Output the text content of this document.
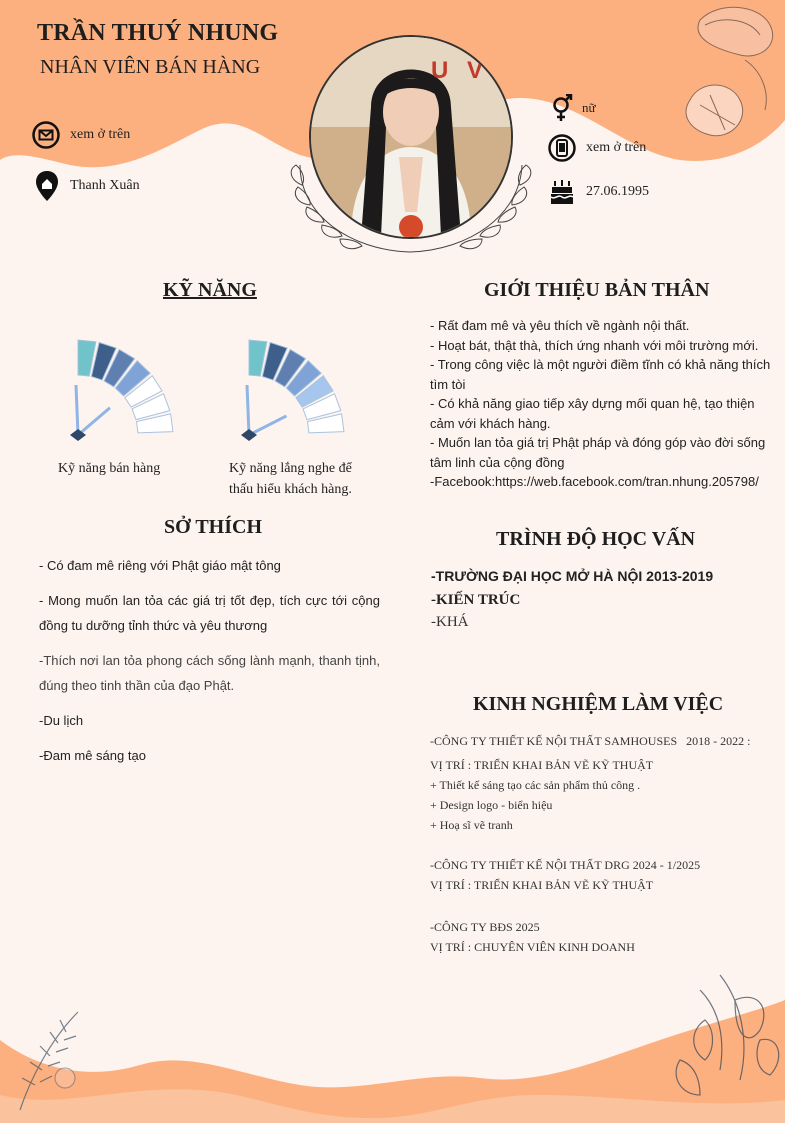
U V
TRẦN THUÝ NHUNG
NHÂN VIÊN BÁN HÀNG
xem ở trên
Thanh Xuân
nữ
xem ở trên
27.06.1995
KỸ NĂNG
Kỹ năng bán hàng	Kỹ năng lắng nghe để
thấu hiểu khách hàng.
SỞ THÍCH

- Có đam mê riêng với Phật giáo mật tông

- Mong muốn lan tỏa các giá trị tốt đẹp, tích cực tới cộng đồng tu dưỡng tỉnh thức và yêu thương

-Thích nơi lan tỏa phong cách sống lành mạnh, thanh tịnh, đúng theo tinh thần của đạo Phật.

-Du lịch

-Đam mê sáng tạo

GIỚI THIỆU BẢN THÂN

- Rất đam mê và yêu thích về ngành nội thất.

- Hoạt bát, thật thà, thích ứng nhanh với môi trường mới.

- Trong công việc là một người điềm tĩnh có khả năng thích tìm tòi

- Có khả năng giao tiếp xây dựng mối quan hệ, tạo thiện cảm với khách hàng.

- Muốn lan tỏa giá trị Phật pháp và đóng góp vào đời sống tâm linh của cộng đồng

-Facebook:https://web.facebook.com/tran.nhung.205798/

TRÌNH ĐỘ HỌC VẤN
-TRƯỜNG ĐẠI HỌC MỞ HÀ NỘI 2013-2019
-KIẾN TRÚC
-KHÁ
KINH NGHIỆM LÀM VIỆC
-CÔNG TY THIẾT KẾ NỘI THẤT SAMHOUSES 2018 - 2022 :
VỊ TRÍ : TRIỂN KHAI BẢN VẼ KỸ THUẬT
+ Thiết kế sáng tạo các sản phẩm thủ công .
+ Design logo - biển hiệu
+ Hoạ sĩ vẽ tranh
-CÔNG TY THIẾT KẾ NỘI THẤT DRG 2024 - 1/2025
VỊ TRÍ : TRIỂN KHAI BẢN VẼ KỸ THUẬT
-CÔNG TY BĐS 2025
VỊ TRÍ : CHUYÊN VIÊN KINH DOANH
